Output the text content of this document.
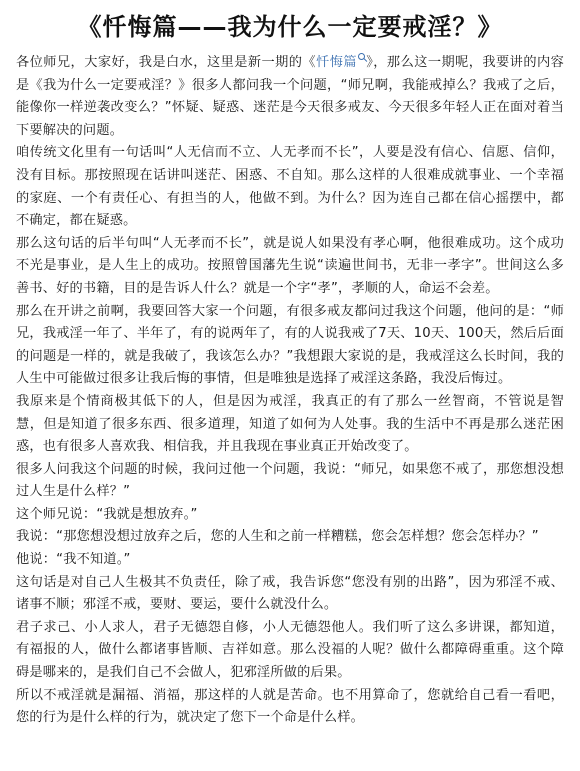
《忏悔篇——我为什么一定要戒淫？》

各位师兄，大家好，我是白水，这里是新一期的《忏悔篇 》，那么这一期呢，我要讲的内容是《我为什么一定要戒淫？》很多人都问我一个问题，“师兄啊，我能戒掉么？我戒了之后，能像你一样逆袭改变么？”怀疑、疑惑、迷茫是今天很多戒友、今天很多年轻人正在面对着当下要解决的问题。

咱传统文化里有一句话叫“人无信而不立、人无孝而不长”，人要是没有信心、信愿、信仰，没有目标。那按照现在话讲叫迷茫、困惑、不自知。那么这样的人很难成就事业、一个幸福的家庭、一个有责任心、有担当的人，他做不到。为什么？因为连自己都在信心摇摆中，都不确定，都在疑惑。

那么这句话的后半句叫“人无孝而不长”，就是说人如果没有孝心啊，他很难成功。这个成功不光是事业，是人生上的成功。按照曾国藩先生说“读遍世间书，无非一孝字”。世间这么多善书、好的书籍，目的是告诉人什么？就是一个字“孝”，孝顺的人，命运不会差。

那么在开讲之前啊，我要回答大家一个问题，有很多戒友都问过我这个问题，他问的是：“师兄，我戒淫一年了、半年了，有的说两年了，有的人说我戒了7天、10天、100天，然后后面的问题是一样的，就是我破了，我该怎么办？”我想跟大家说的是，我戒淫这么长时间，我的人生中可能做过很多让我后悔的事情，但是唯独是选择了戒淫这条路，我没后悔过。

我原来是个情商极其低下的人，但是因为戒淫，我真正的有了那么一丝智商，不管说是智慧，但是知道了很多东西、很多道理，知道了如何为人处事。我的生活中不再是那么迷茫困惑，也有很多人喜欢我、相信我，并且我现在事业真正开始改变了。

很多人问我这个问题的时候，我问过他一个问题，我说：“师兄，如果您不戒了，那您想没想过人生是什么样？”

这个师兄说：“我就是想放弃。”

我说：“那您想没想过放弃之后，您的人生和之前一样糟糕，您会怎样想？您会怎样办？”

他说：“我不知道。”

这句话是对自己人生极其不负责任，除了戒，我告诉您“您没有别的出路”，因为邪淫不戒、诸事不顺；邪淫不戒，要财、要运，要什么就没什么。

君子求己、小人求人，君子无德怨自修，小人无德怨他人。我们听了这么多讲课，都知道，有福报的人，做什么都诸事皆顺、吉祥如意。那么没福的人呢？做什么都障碍重重。这个障碍是哪来的，是我们自己不会做人，犯邪淫所做的后果。

所以不戒淫就是漏福、消福，那这样的人就是苦命。也不用算命了，您就给自己看一看吧，您的行为是什么样的行为，就决定了您下一个命是什么样。
